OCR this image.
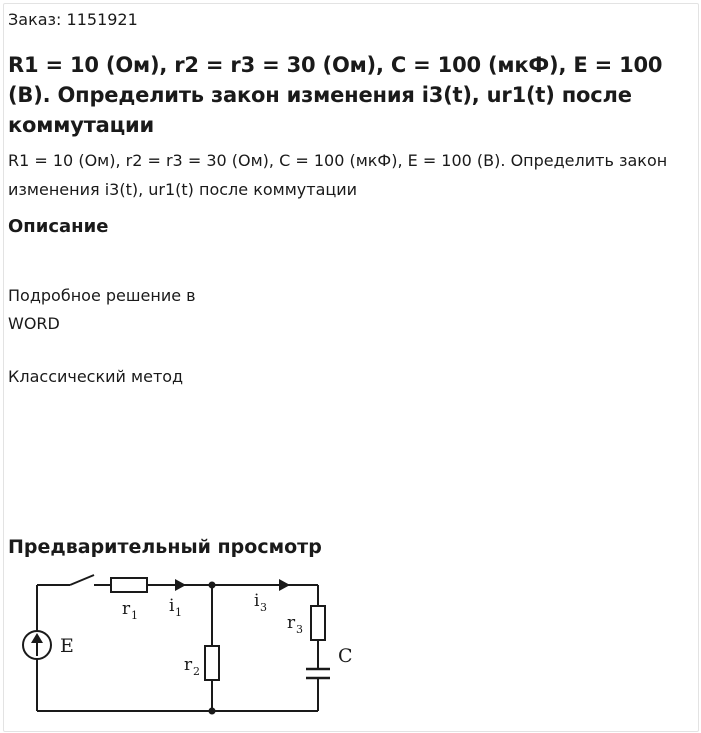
Заказ: 1151921
R1 = 10 (Ом), r2 = r3 = 30 (Ом), C = 100 (мкФ), E = 100 (В). Определить закон изменения i3(t), ur1(t) после коммутации
R1 = 10 (Ом), r2 = r3 = 30 (Ом), C = 100 (мкФ), E = 100 (В). Определить закон изменения i3(t), ur1(t) после коммутации
Описание
Подробное решение в
WORD
Классический метод
Предварительный просмотр
E
r 1 i 1
i 3
r 3
r 2
C
